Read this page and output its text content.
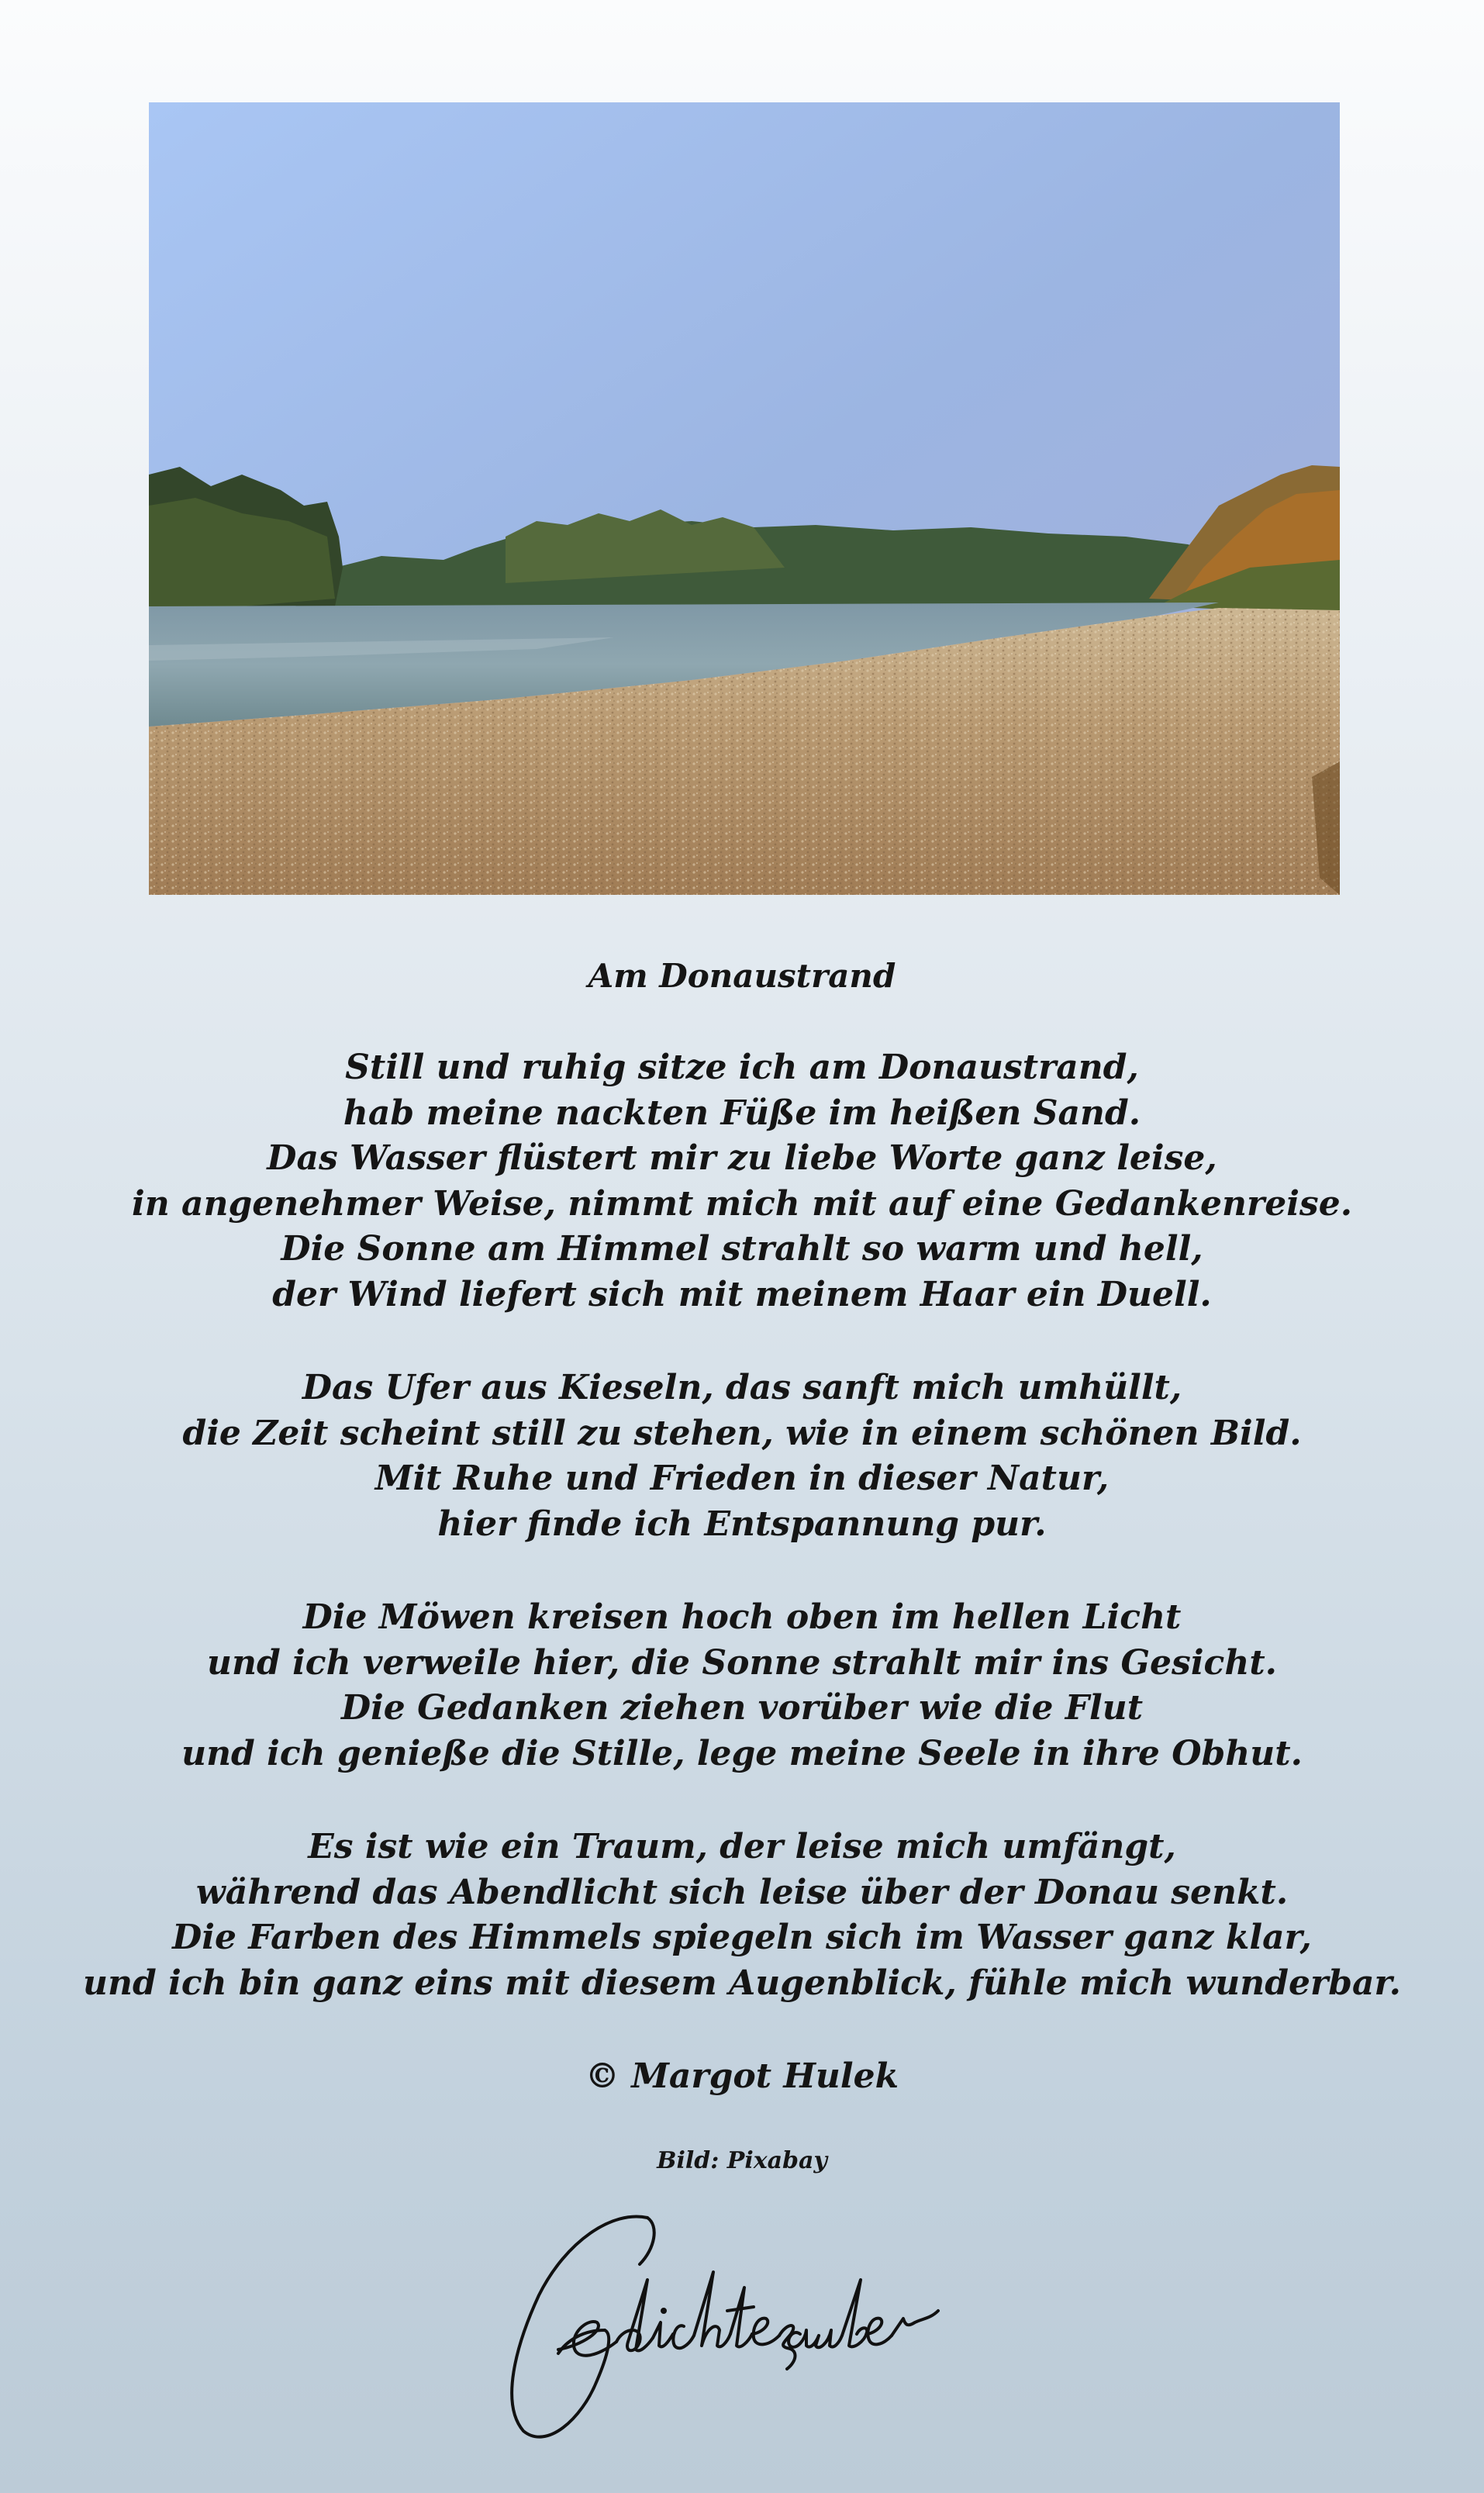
Am Donaustrand
Still und ruhig sitze ich am Donaustrand,
hab meine nackten Füße im heißen Sand.
Das Wasser flüstert mir zu liebe Worte ganz leise,
in angenehmer Weise, nimmt mich mit auf eine Gedankenreise.
Die Sonne am Himmel strahlt so warm und hell,
der Wind liefert sich mit meinem Haar ein Duell.
Das Ufer aus Kieseln, das sanft mich umhüllt,
die Zeit scheint still zu stehen, wie in einem schönen Bild.
Mit Ruhe und Frieden in dieser Natur,
hier finde ich Entspannung pur.
Die Möwen kreisen hoch oben im hellen Licht
und ich verweile hier, die Sonne strahlt mir ins Gesicht.
Die Gedanken ziehen vorüber wie die Flut
und ich genieße die Stille, lege meine Seele in ihre Obhut.
Es ist wie ein Traum, der leise mich umfängt,
während das Abendlicht sich leise über der Donau senkt.
Die Farben des Himmels spiegeln sich im Wasser ganz klar,
und ich bin ganz eins mit diesem Augenblick, fühle mich wunderbar.
© Margot Hulek
Bild: Pixabay
